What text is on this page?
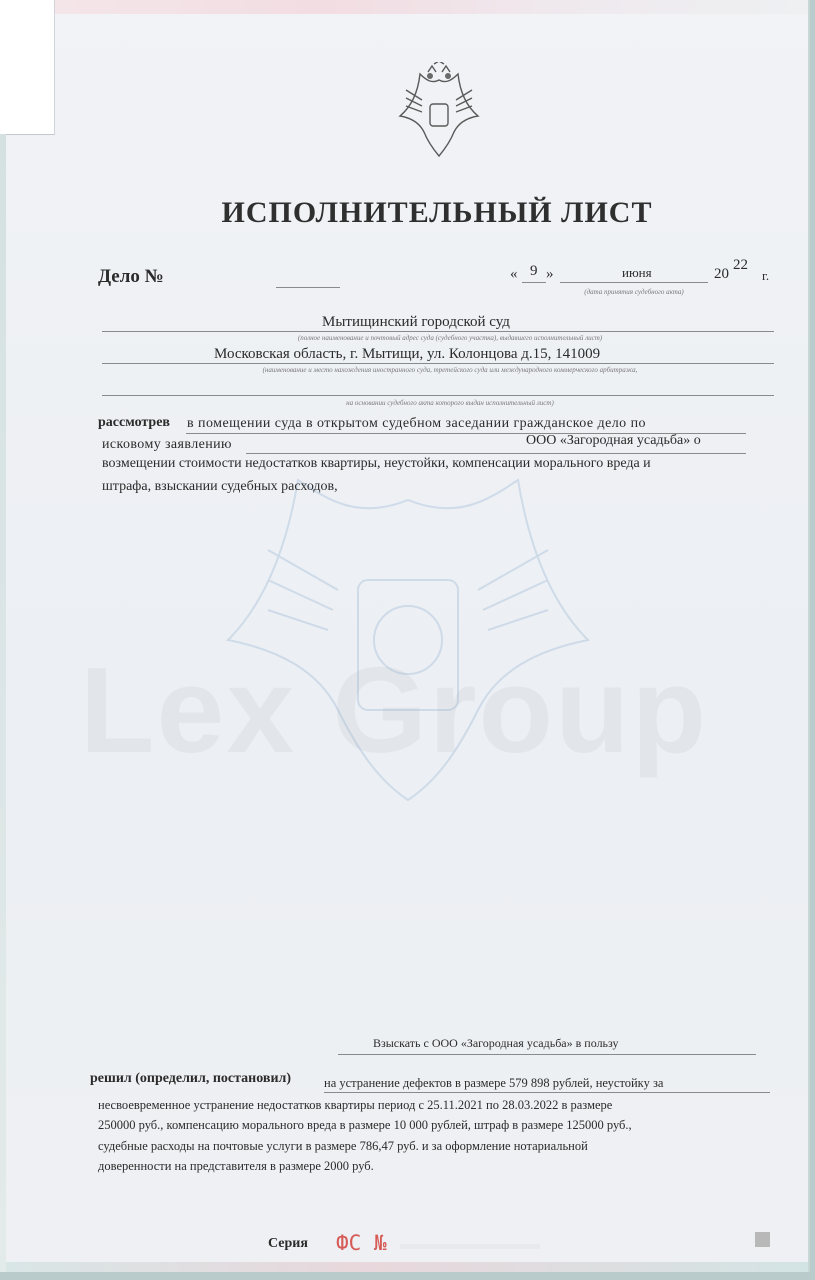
Lex Group
ИСПОЛНИТЕЛЬНЫЙ ЛИСТ
Дело №	« 9 »	июня	20
22
г.
(дата принятия судебного акта)
Мытищинский городской суд
(полное наименование и почтовый адрес суда (судебного участка), выдавшего исполнительный лист)
Московская область, г. Мытищи, ул. Колонцова д.15, 141009
(наименование и место нахождения иностранного суда, третейского суда или международного коммерческого арбитража,
на основании судебного акта которого выдан исполнительный лист)
рассмотрев в помещении суда в открытом судебном заседании гражданское дело по
исковому заявлению	ООО «Загородная усадьба» о
возмещении стоимости недостатков квартиры, неустойки, компенсации морального вреда и
штрафа, взыскании судебных расходов,
Взыскать с ООО «Загородная усадьба» в пользу
решил (определил, постановил)	на устранение дефектов в размере 579 898 рублей, неустойку за
несвоевременное устранение недостатков квартиры период с 25.11.2021 по 28.03.2022 в размере
250000 руб., компенсацию морального вреда в размере 10 000 рублей, штраф в размере 125000 руб.,
судебные расходы на почтовые услуги в размере 786,47 руб. и за оформление нотариальной
доверенности на представителя в размере 2000 руб.
Серия ФС №
